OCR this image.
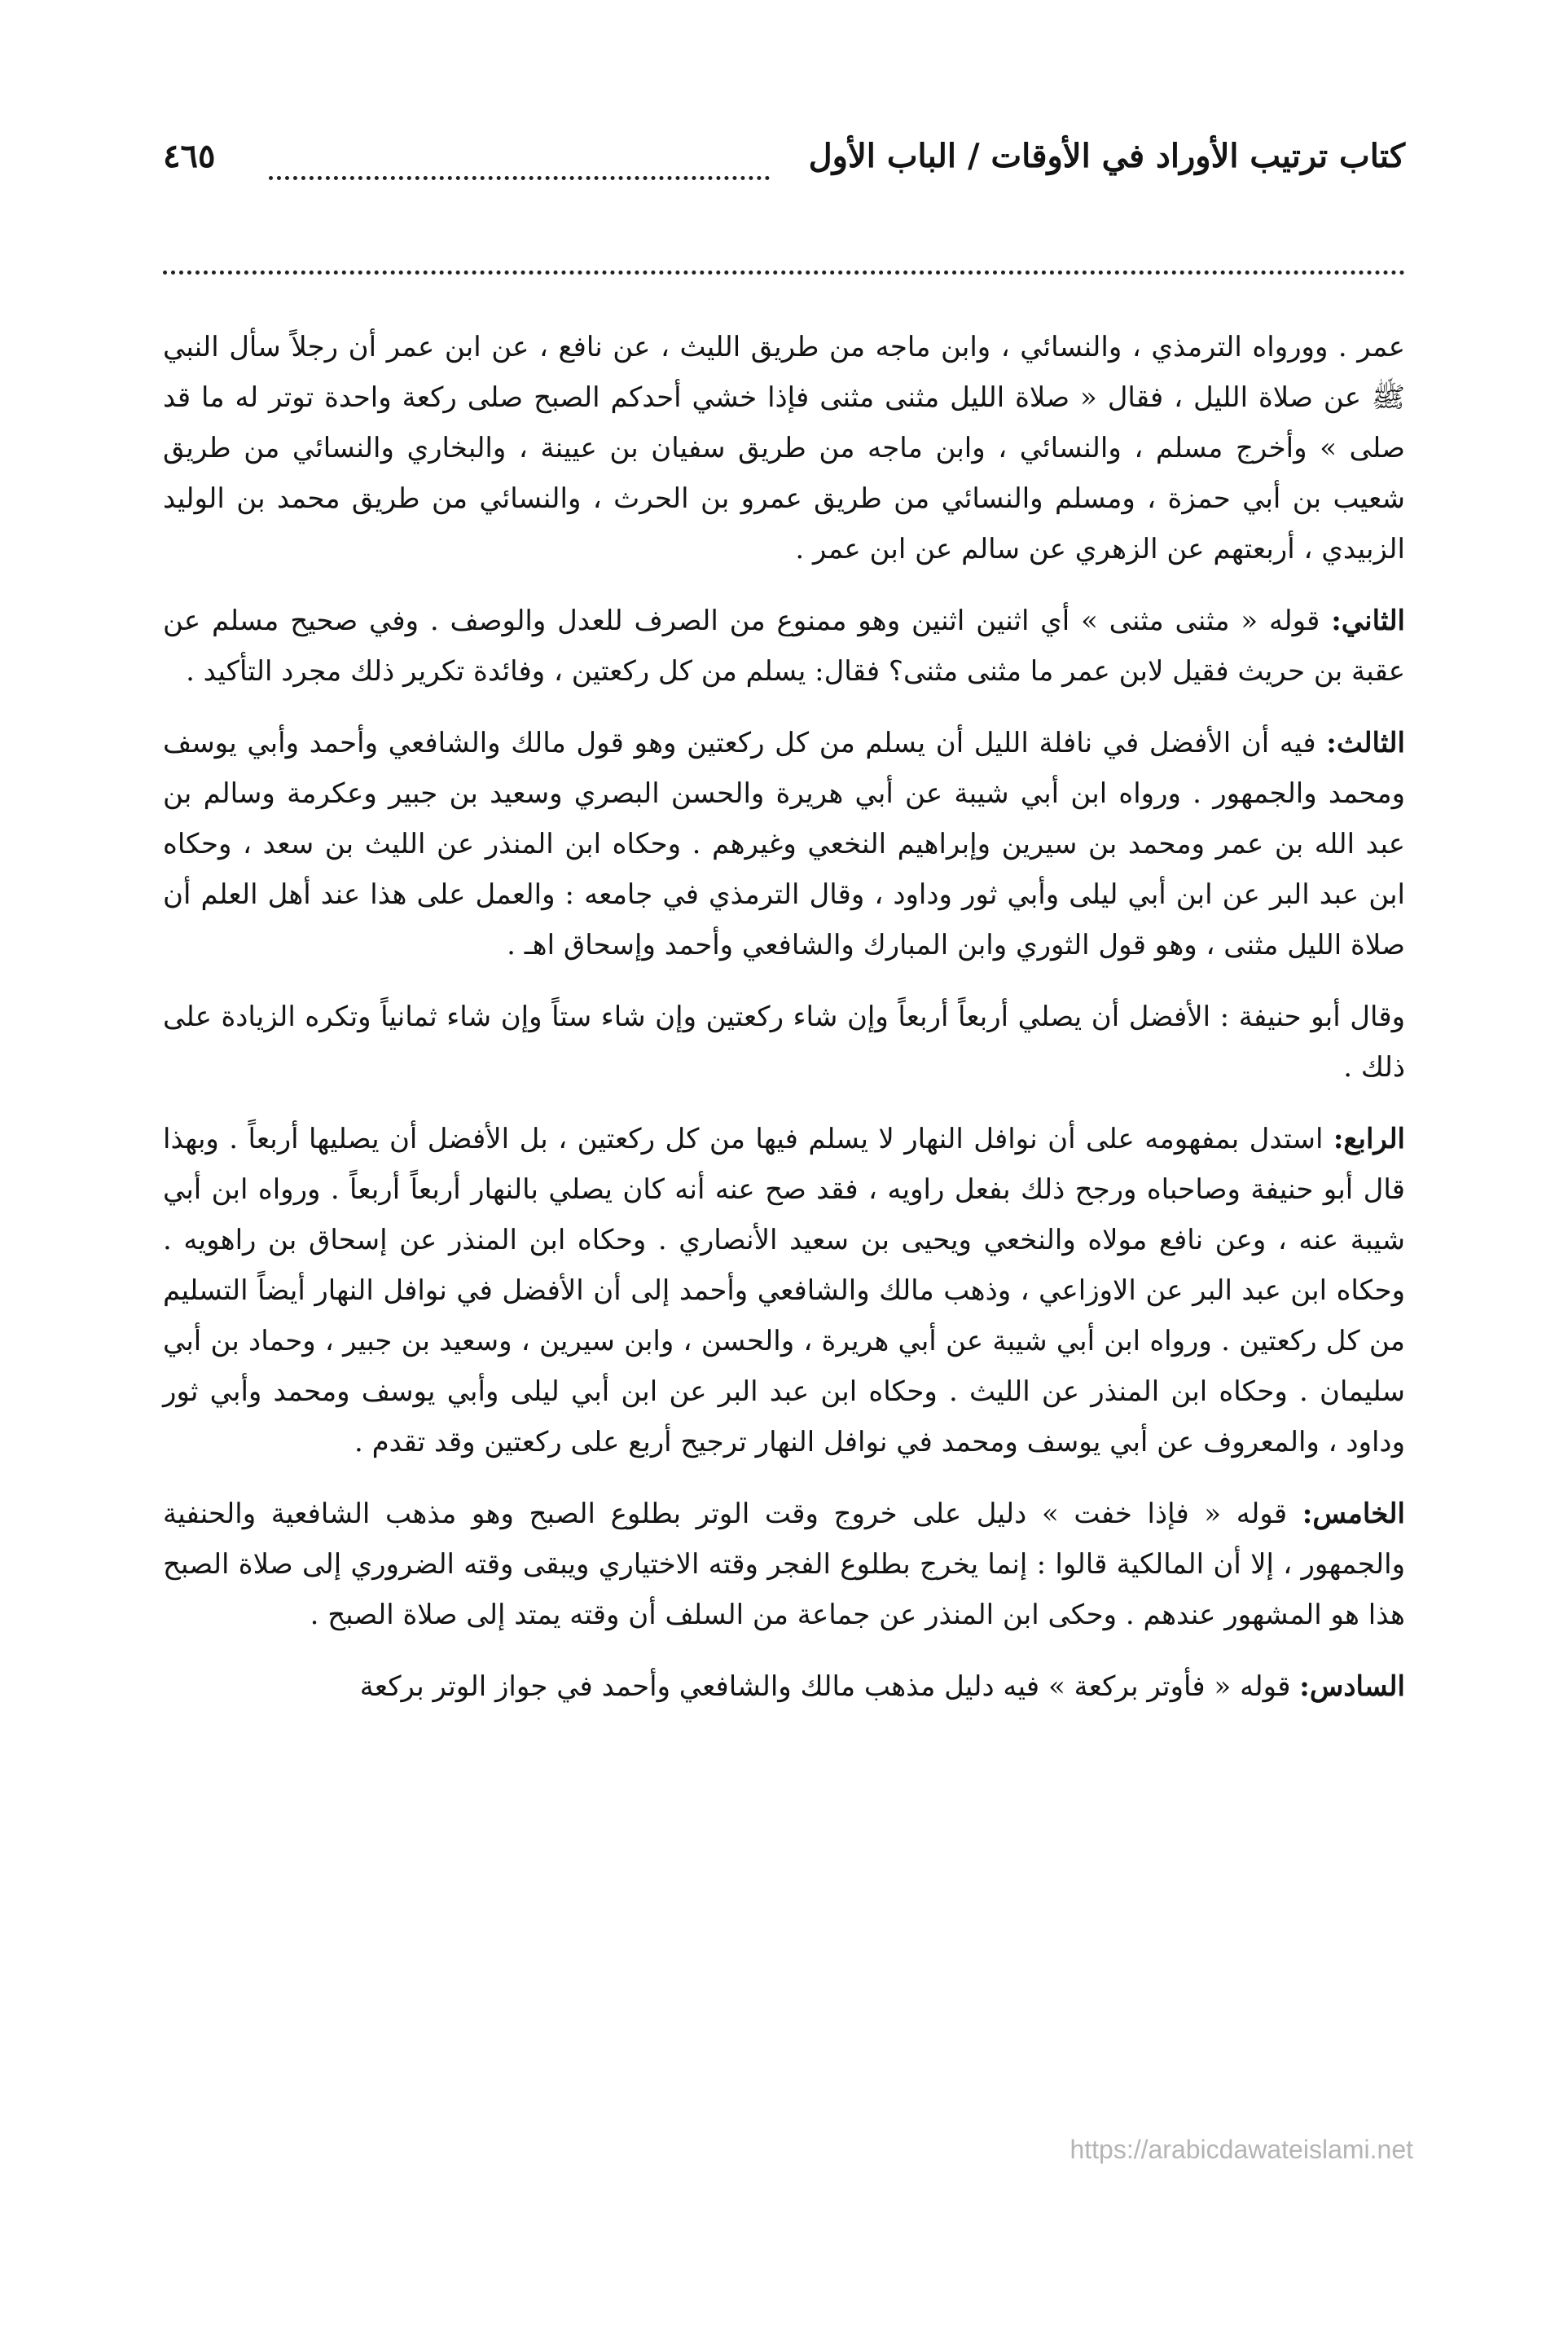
كتاب ترتيب الأوراد في الأوقات / الباب الأول
٤٦٥

عمر . وورواه الترمذي ، والنسائي ، وابن ماجه من طريق الليث ، عن نافع ، عن ابن عمر أن رجلاً سأل النبي ﷺ عن صلاة الليل ، فقال « صلاة الليل مثنى مثنى فإذا خشي أحدكم الصبح صلى ركعة واحدة توتر له ما قد صلى » وأخرج مسلم ، والنسائي ، وابن ماجه من طريق سفيان بن عيينة ، والبخاري والنسائي من طريق شعيب بن أبي حمزة ، ومسلم والنسائي من طريق عمرو بن الحرث ، والنسائي من طريق محمد بن الوليد الزبيدي ، أربعتهم عن الزهري عن سالم عن ابن عمر .

الثاني: قوله « مثنى مثنى » أي اثنين اثنين وهو ممنوع من الصرف للعدل والوصف . وفي صحيح مسلم عن عقبة بن حريث فقيل لابن عمر ما مثنى مثنى؟ فقال: يسلم من كل ركعتين ، وفائدة تكرير ذلك مجرد التأكيد .

الثالث: فيه أن الأفضل في نافلة الليل أن يسلم من كل ركعتين وهو قول مالك والشافعي وأحمد وأبي يوسف ومحمد والجمهور . ورواه ابن أبي شيبة عن أبي هريرة والحسن البصري وسعيد بن جبير وعكرمة وسالم بن عبد الله بن عمر ومحمد بن سيرين وإبراهيم النخعي وغيرهم . وحكاه ابن المنذر عن الليث بن سعد ، وحكاه ابن عبد البر عن ابن أبي ليلى وأبي ثور وداود ، وقال الترمذي في جامعه : والعمل على هذا عند أهل العلم أن صلاة الليل مثنى ، وهو قول الثوري وابن المبارك والشافعي وأحمد وإسحاق اهـ .

وقال أبو حنيفة : الأفضل أن يصلي أربعاً أربعاً وإن شاء ركعتين وإن شاء ستاً وإن شاء ثمانياً وتكره الزيادة على ذلك .

الرابع: استدل بمفهومه على أن نوافل النهار لا يسلم فيها من كل ركعتين ، بل الأفضل أن يصليها أربعاً . وبهذا قال أبو حنيفة وصاحباه ورجح ذلك بفعل راويه ، فقد صح عنه أنه كان يصلي بالنهار أربعاً أربعاً . ورواه ابن أبي شيبة عنه ، وعن نافع مولاه والنخعي ويحيى بن سعيد الأنصاري . وحكاه ابن المنذر عن إسحاق بن راهويه . وحكاه ابن عبد البر عن الاوزاعي ، وذهب مالك والشافعي وأحمد إلى أن الأفضل في نوافل النهار أيضاً التسليم من كل ركعتين . ورواه ابن أبي شيبة عن أبي هريرة ، والحسن ، وابن سيرين ، وسعيد بن جبير ، وحماد بن أبي سليمان . وحكاه ابن المنذر عن الليث . وحكاه ابن عبد البر عن ابن أبي ليلى وأبي يوسف ومحمد وأبي ثور وداود ، والمعروف عن أبي يوسف ومحمد في نوافل النهار ترجيح أربع على ركعتين وقد تقدم .

الخامس: قوله « فإذا خفت » دليل على خروج وقت الوتر بطلوع الصبح وهو مذهب الشافعية والحنفية والجمهور ، إلا أن المالكية قالوا : إنما يخرج بطلوع الفجر وقته الاختياري ويبقى وقته الضروري إلى صلاة الصبح هذا هو المشهور عندهم . وحكى ابن المنذر عن جماعة من السلف أن وقته يمتد إلى صلاة الصبح .

السادس: قوله « فأوتر بركعة » فيه دليل مذهب مالك والشافعي وأحمد في جواز الوتر بركعة

https://arabicdawateislami.net
